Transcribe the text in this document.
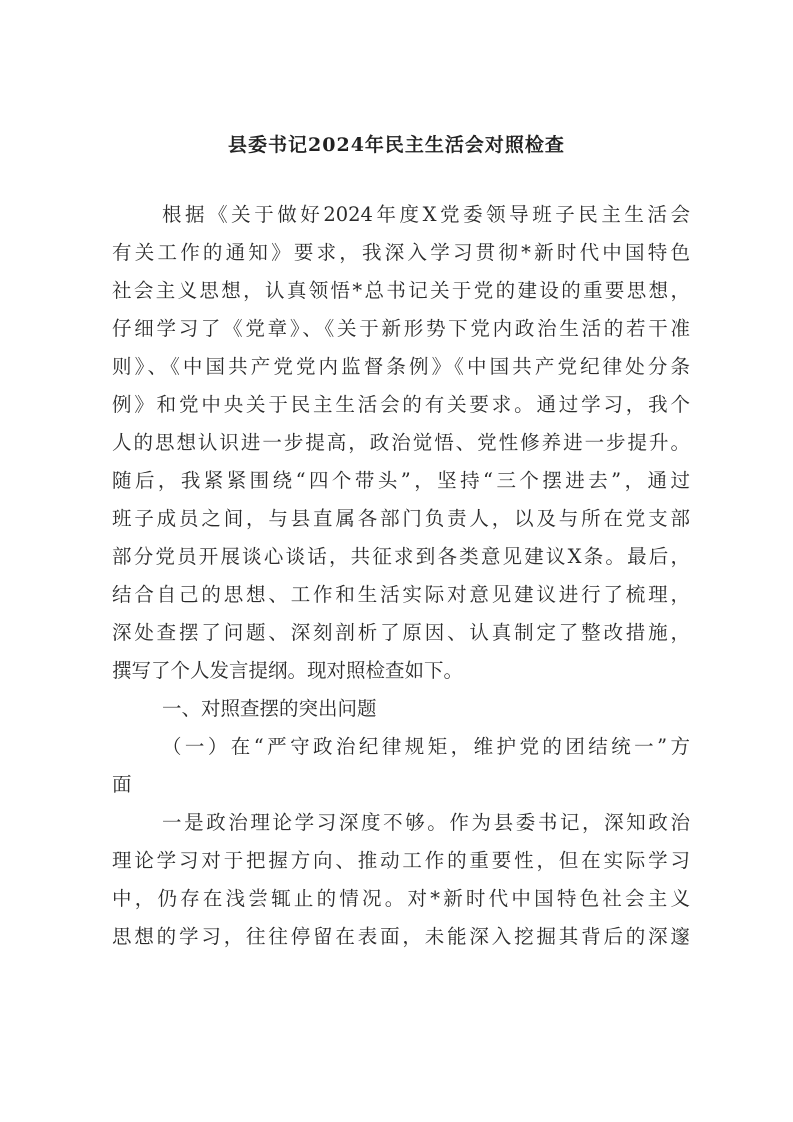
县委书记2024年民主生活会对照检查

根据《关于做好2024年度X党委领导班子民主生活会

有关工作的通知》要求，我深入学习贯彻*新时代中国特色

社会主义思想，认真领悟*总书记关于党的建设的重要思想，

仔细学习了《党章》、《关于新形势下党内政治生活的若干准

则》、《中国共产党党内监督条例》《中国共产党纪律处分条

例》和党中央关于民主生活会的有关要求。通过学习，我个

人的思想认识进一步提高，政治觉悟、党性修养进一步提升。

随后，我紧紧围绕“四个带头”，坚持“三个摆进去”，通过

班子成员之间，与县直属各部门负责人，以及与所在党支部

部分党员开展谈心谈话，共征求到各类意见建议X条。最后，

结合自己的思想、工作和生活实际对意见建议进行了梳理，

深处查摆了问题、深刻剖析了原因、认真制定了整改措施，

撰写了个人发言提纲。现对照检查如下。

一、对照查摆的突出问题

（一）在“严守政治纪律规矩，维护党的团结统一”方

面

一是政治理论学习深度不够。作为县委书记，深知政治

理论学习对于把握方向、推动工作的重要性，但在实际学习

中，仍存在浅尝辄止的情况。对*新时代中国特色社会主义

思想的学习，往往停留在表面，未能深入挖掘其背后的深邃
